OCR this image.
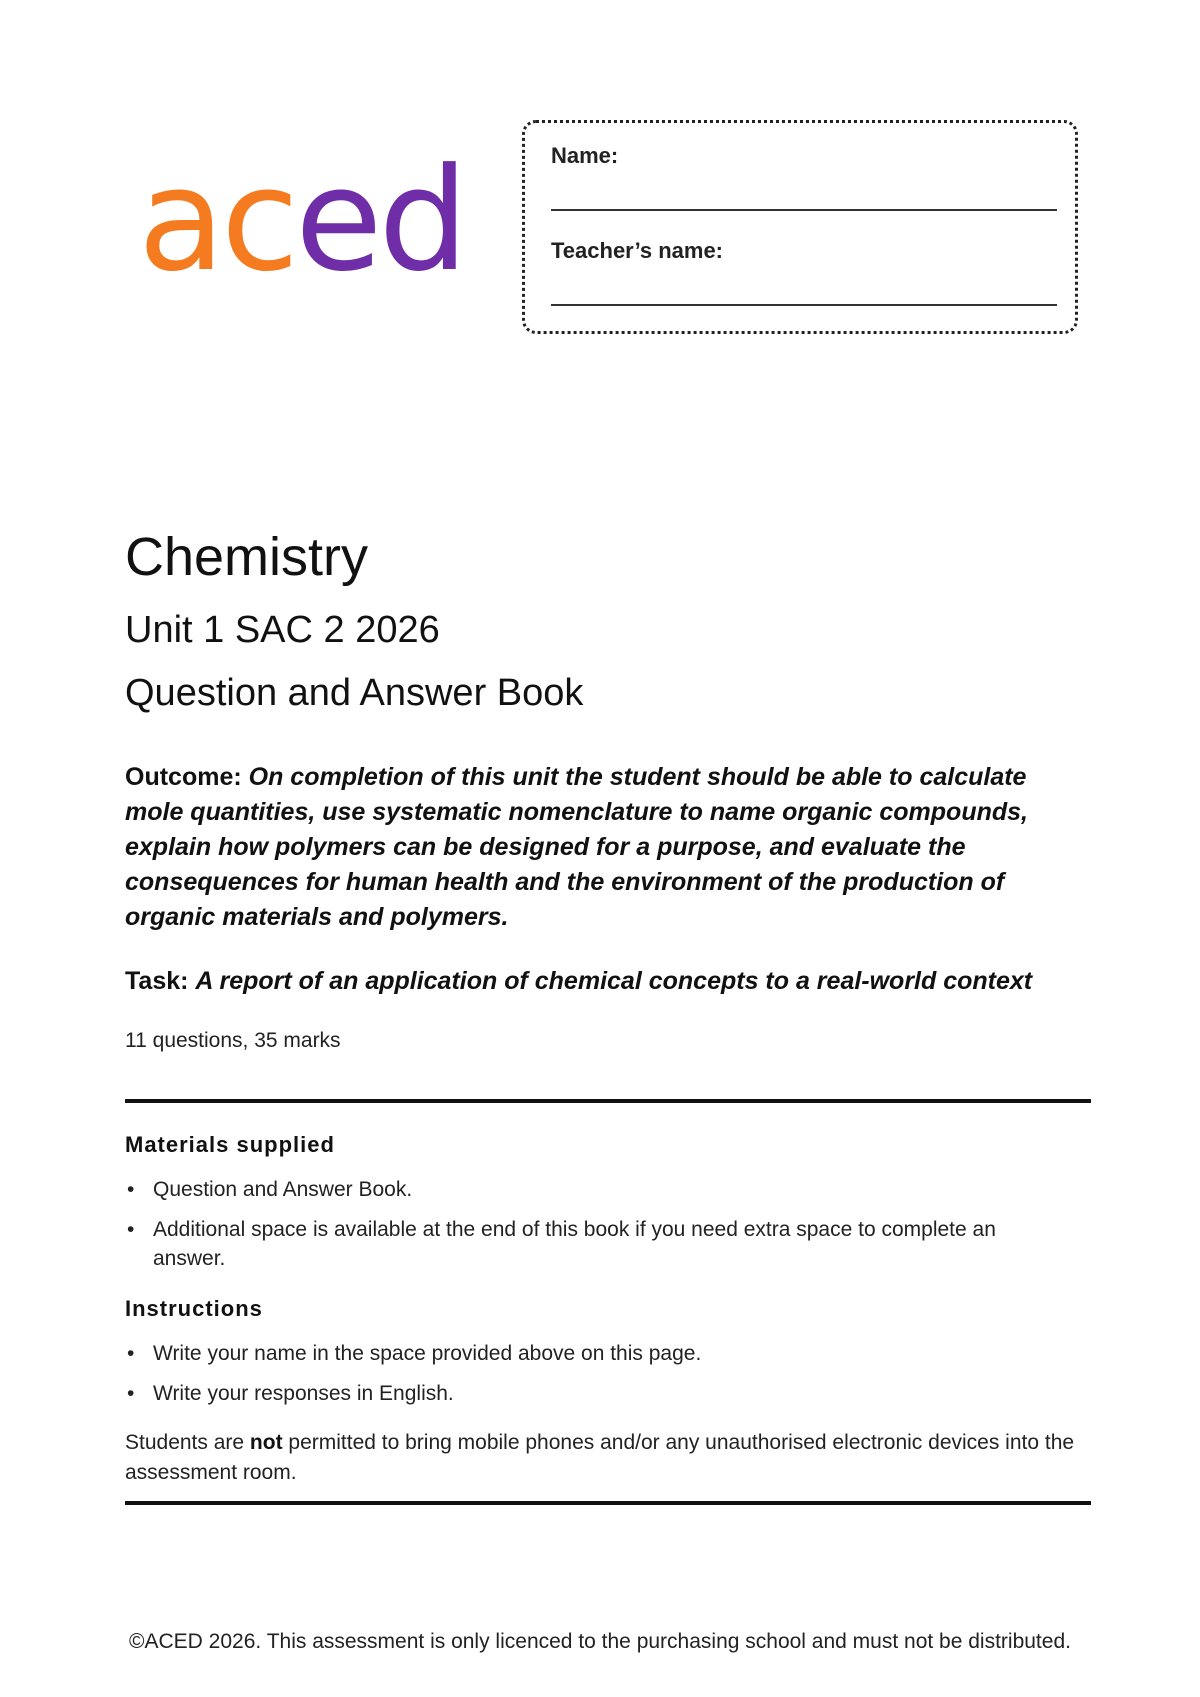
aced	Name:
Teacher’s name:
Chemistry
Unit 1 SAC 2 2026
Question and Answer Book
Outcome: On completion of this unit the student should be able to calculate mole quantities, use systematic nomenclature to name organic compounds, explain how polymers can be designed for a purpose, and evaluate the consequences for human health and the environment of the production of organic materials and polymers.
Task: A report of an application of chemical concepts to a real-world context
11 questions, 35 marks
Materials supplied
• Question and Answer Book.
• Additional space is available at the end of this book if you need extra space to complete an answer.
Instructions
• Write your name in the space provided above on this page.
• Write your responses in English.
Students are not permitted to bring mobile phones and/or any unauthorised electronic devices into the assessment room.
©ACED 2026. This assessment is only licenced to the purchasing school and must not be distributed.
